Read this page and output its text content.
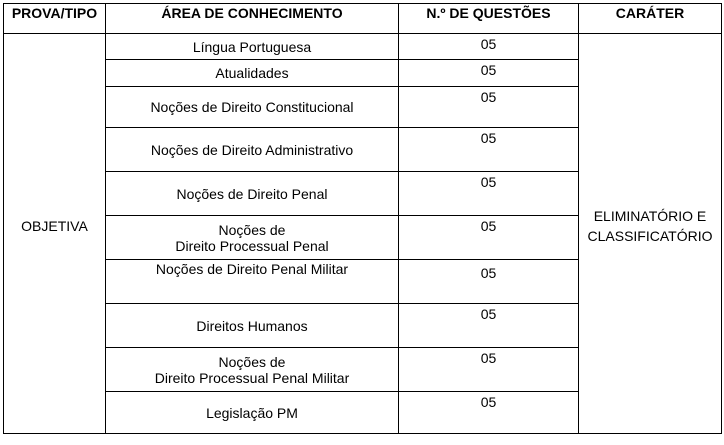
PROVA/TIPO	ÁREA DE CONHECIMENTO	N.º DE QUESTÕES	CARÁTER
OBJETIVA	Língua Portuguesa	05	ELIMINATÓRIO E
CLASSIFICATÓRIO

	Atualidades	05	

	Noções de Direito Constitucional	05	

	Noções de Direito Administrativo	05	

	Noções de Direito Penal	05	

	Noções de
Direito Processual Penal	05	

	Noções de Direito Penal Militar	05	

	Direitos Humanos	05	

	Noções de
Direito Processual Penal Militar	05	

	Legislação PM	05	
